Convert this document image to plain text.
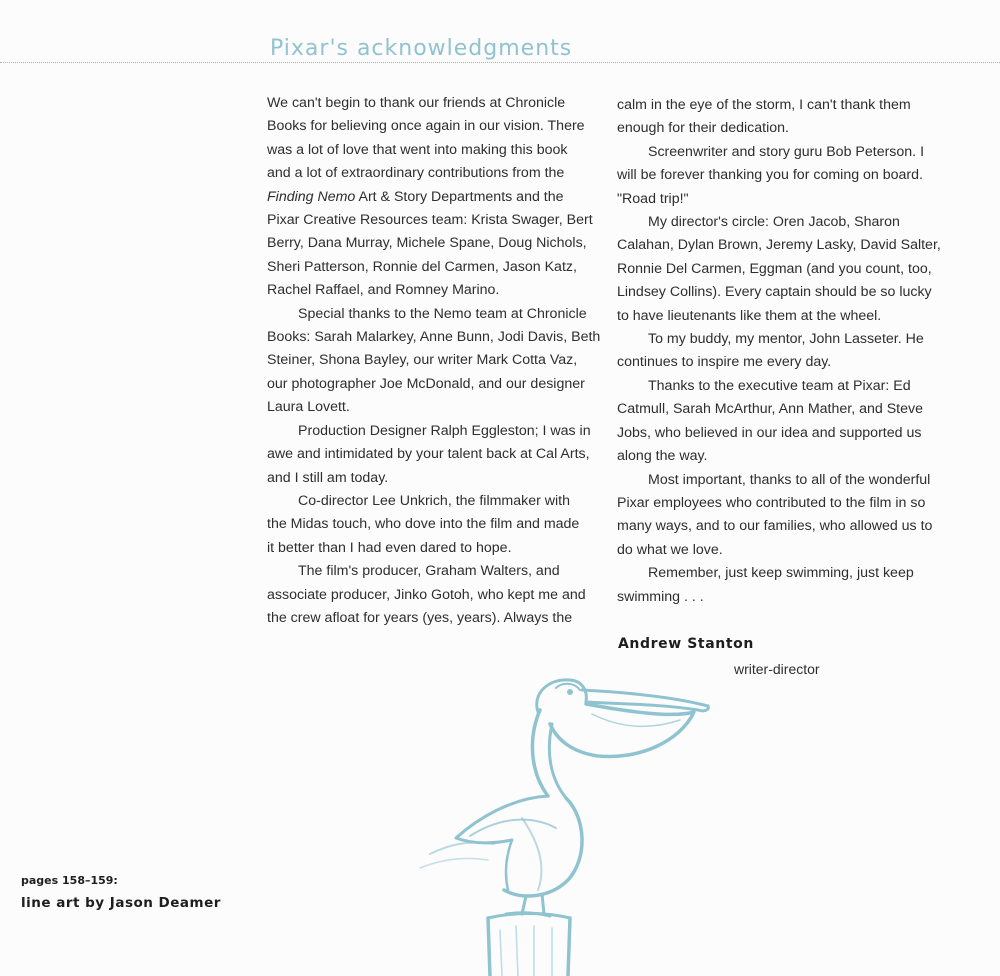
Pixar's acknowledgments

We can't begin to thank our friends at Chronicle
Books for believing once again in our vision. There
was a lot of love that went into making this book
and a lot of extraordinary contributions from the
Finding Nemo Art & Story Departments and the
Pixar Creative Resources team: Krista Swager, Bert
Berry, Dana Murray, Michele Spane, Doug Nichols,
Sheri Patterson, Ronnie del Carmen, Jason Katz,
Rachel Raffael, and Romney Marino.

Special thanks to the Nemo team at Chronicle
Books: Sarah Malarkey, Anne Bunn, Jodi Davis, Beth
Steiner, Shona Bayley, our writer Mark Cotta Vaz,
our photographer Joe McDonald, and our designer
Laura Lovett.

Production Designer Ralph Eggleston; I was in
awe and intimidated by your talent back at Cal Arts,
and I still am today.

Co-director Lee Unkrich, the filmmaker with
the Midas touch, who dove into the film and made
it better than I had even dared to hope.

The film's producer, Graham Walters, and
associate producer, Jinko Gotoh, who kept me and
the crew afloat for years (yes, years). Always the

calm in the eye of the storm, I can't thank them
enough for their dedication.

Screenwriter and story guru Bob Peterson. I
will be forever thanking you for coming on board.
"Road trip!"

My director's circle: Oren Jacob, Sharon
Calahan, Dylan Brown, Jeremy Lasky, David Salter,
Ronnie Del Carmen, Eggman (and you count, too,
Lindsey Collins). Every captain should be so lucky
to have lieutenants like them at the wheel.

To my buddy, my mentor, John Lasseter. He
continues to inspire me every day.

Thanks to the executive team at Pixar: Ed
Catmull, Sarah McArthur, Ann Mather, and Steve
Jobs, who believed in our idea and supported us
along the way.

Most important, thanks to all of the wonderful
Pixar employees who contributed to the film in so
many ways, and to our families, who allowed us to
do what we love.

Remember, just keep swimming, just keep
swimming . . .

Andrew Stanton
writer-director
pages 158–159:
line art by Jason Deamer
